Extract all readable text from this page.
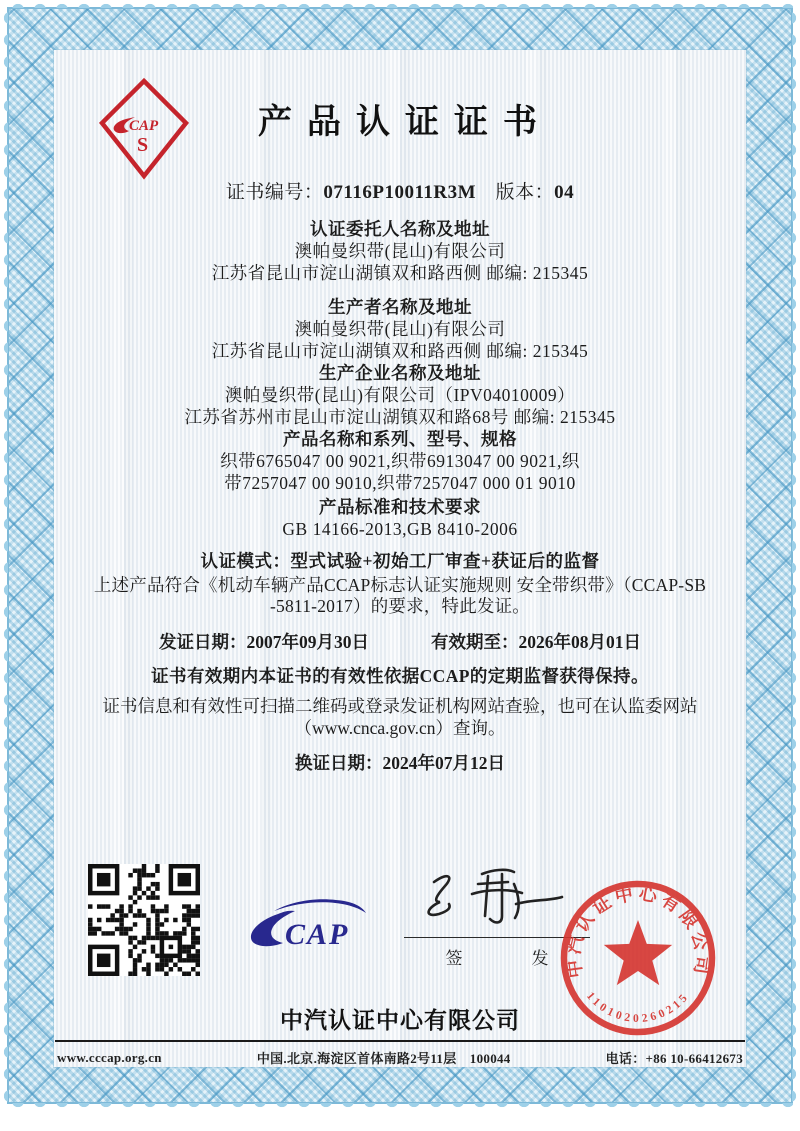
CAP
S
产品认证证书
证书编号：07116P10011R3M　 版本：04
认证委托人名称及地址
澳帕曼织带(昆山)有限公司
江苏省昆山市淀山湖镇双和路西侧 邮编: 215345
生产者名称及地址
澳帕曼织带(昆山)有限公司
江苏省昆山市淀山湖镇双和路西侧 邮编: 215345
生产企业名称及地址
澳帕曼织带(昆山)有限公司（IPV04010009）
江苏省苏州市昆山市淀山湖镇双和路68号 邮编: 215345
产品名称和系列、型号、规格
织带6765047 00 9021,织带6913047 00 9021,织
带7257047 00 9010,织带7257047 000 01 9010
产品标准和技术要求
GB 14166-2013,GB 8410-2006
认证模式：型式试验+初始工厂审查+获证后的监督
上述产品符合《机动车辆产品CCAP标志认证实施规则 安全带织带》（CCAP-SB
-5811-2017）的要求，特此发证。
发证日期：2007年09月30日	有效期至：2026年08月01日
证书有效期内本证书的有效性依据CCAP的定期监督获得保持。
证书信息和有效性可扫描二维码或登录发证机构网站查验，也可在认监委网站
（www.cnca.gov.cn）查询。
换证日期：2024年07月12日
CAP
签　发
中汽认证中心有限公司
1101020260215
中汽认证中心有限公司
www.cccap.org.cn	中国.北京.海淀区首体南路2号11层　100044	电话：+86 10-66412673
